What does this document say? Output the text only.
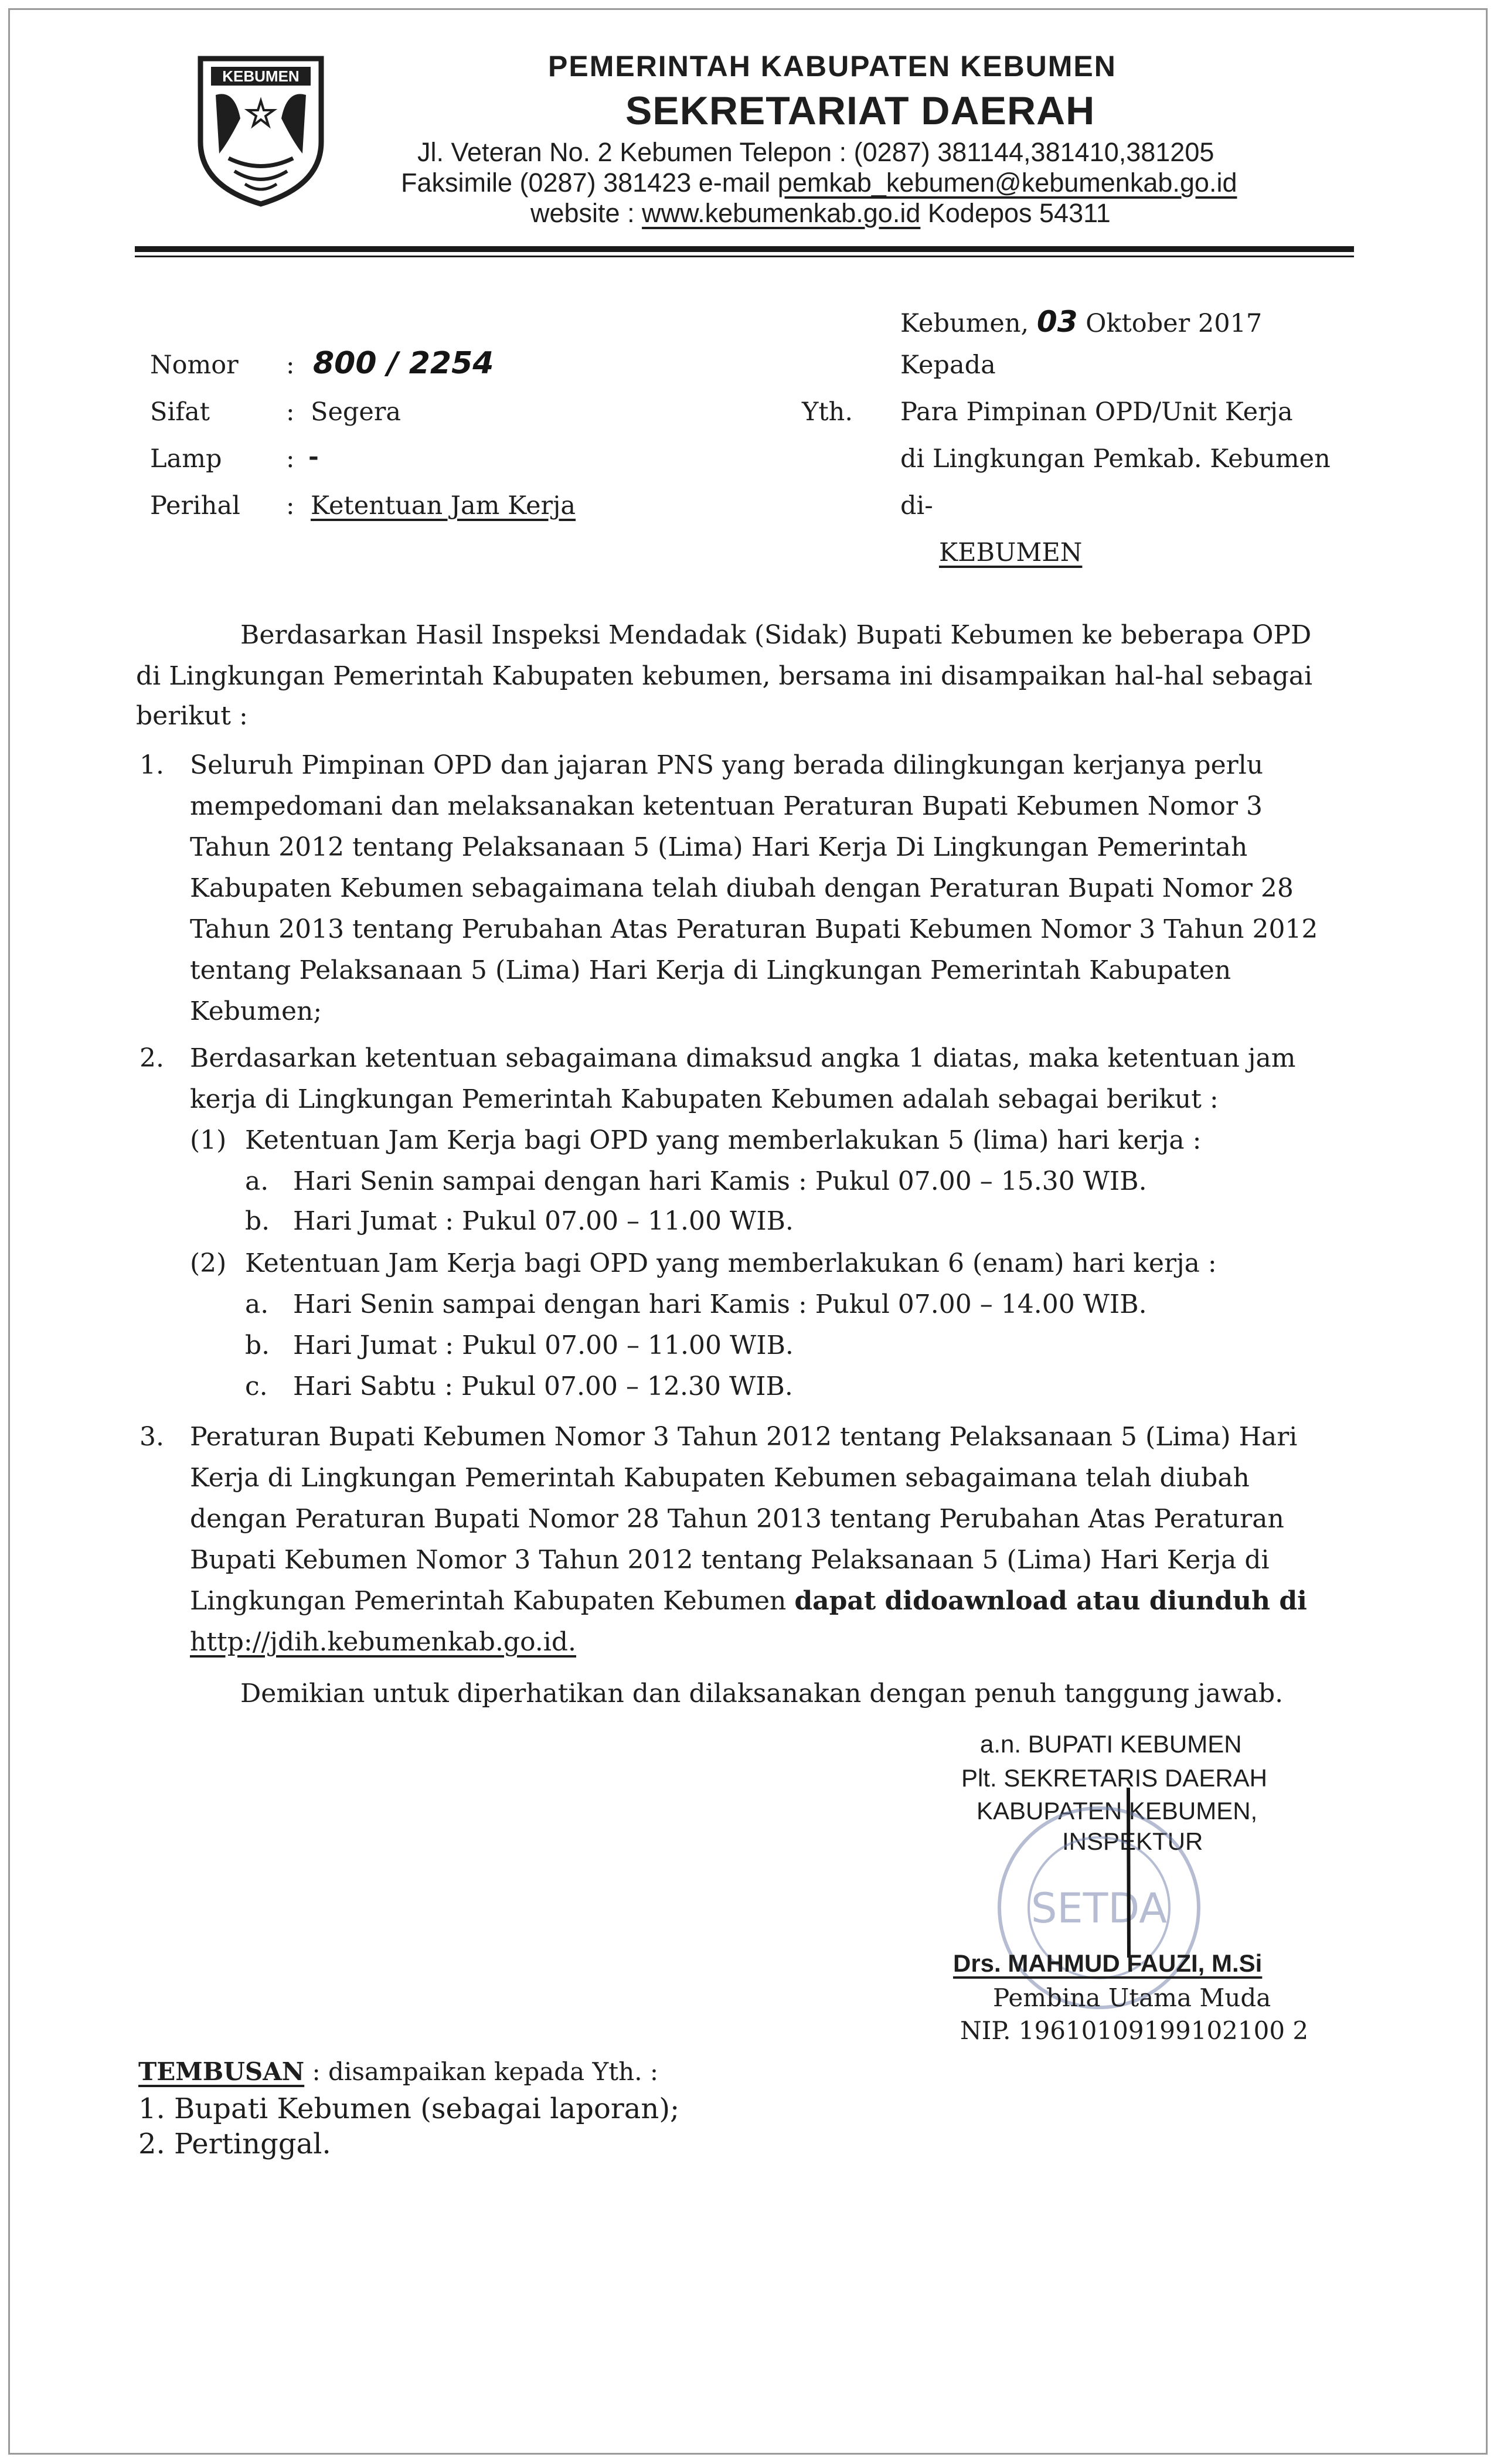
KEBUMEN	PEMERINTAH KABUPATEN KEBUMEN
SEKRETARIAT DAERAH
Jl. Veteran No. 2 Kebumen Telepon : (0287) 381144,381410,381205
Faksimile (0287) 381423 e-mail pemkab_kebumen@kebumenkab.go.id
website : www.kebumenkab.go.id Kodepos 54311
Kebumen, 03 Oktober 2017
Nomor : 800 / 2254
Sifat	: Segera
Lamp	: -
Perihal : Ketentuan Jam Kerja
Kepada
Yth. Para Pimpinan OPD/Unit Kerja
di Lingkungan Pemkab. Kebumen
di-
KEBUMEN
Berdasarkan Hasil Inspeksi Mendadak (Sidak) Bupati Kebumen ke beberapa OPD
di Lingkungan Pemerintah Kabupaten kebumen, bersama ini disampaikan hal-hal sebagai
berikut :
1. Seluruh Pimpinan OPD dan jajaran PNS yang berada dilingkungan kerjanya perlu
mempedomani dan melaksanakan ketentuan Peraturan Bupati Kebumen Nomor 3
Tahun 2012 tentang Pelaksanaan 5 (Lima) Hari Kerja Di Lingkungan Pemerintah
Kabupaten Kebumen sebagaimana telah diubah dengan Peraturan Bupati Nomor 28
Tahun 2013 tentang Perubahan Atas Peraturan Bupati Kebumen Nomor 3 Tahun 2012
tentang Pelaksanaan 5 (Lima) Hari Kerja di Lingkungan Pemerintah Kabupaten
Kebumen;
2. Berdasarkan ketentuan sebagaimana dimaksud angka 1 diatas, maka ketentuan jam
kerja di Lingkungan Pemerintah Kabupaten Kebumen adalah sebagai berikut :
(1) Ketentuan Jam Kerja bagi OPD yang memberlakukan 5 (lima) hari kerja :
a. Hari Senin sampai dengan hari Kamis : Pukul 07.00 – 15.30 WIB.
b. Hari Jumat : Pukul 07.00 – 11.00 WIB.
(2) Ketentuan Jam Kerja bagi OPD yang memberlakukan 6 (enam) hari kerja :
a. Hari Senin sampai dengan hari Kamis : Pukul 07.00 – 14.00 WIB.
b. Hari Jumat : Pukul 07.00 – 11.00 WIB.
c. Hari Sabtu : Pukul 07.00 – 12.30 WIB.
3. Peraturan Bupati Kebumen Nomor 3 Tahun 2012 tentang Pelaksanaan 5 (Lima) Hari
Kerja di Lingkungan Pemerintah Kabupaten Kebumen sebagaimana telah diubah
dengan Peraturan Bupati Nomor 28 Tahun 2013 tentang Perubahan Atas Peraturan
Bupati Kebumen Nomor 3 Tahun 2012 tentang Pelaksanaan 5 (Lima) Hari Kerja di
Lingkungan Pemerintah Kabupaten Kebumen dapat didoawnload atau diunduh di
http://jdih.kebumenkab.go.id.
Demikian untuk diperhatikan dan dilaksanakan dengan penuh tanggung jawab.
a.n. BUPATI KEBUMEN
Plt. SEKRETARIS DAERAH
KABUPATEN KEBUMEN,
INSPEKTUR
SETDA
Drs. MAHMUD FAUZI, M.Si
Pembina Utama Muda
NIP. 19610109199102100 2
TEMBUSAN : disampaikan kepada Yth. :
1. Bupati Kebumen (sebagai laporan);
2. Pertinggal.
